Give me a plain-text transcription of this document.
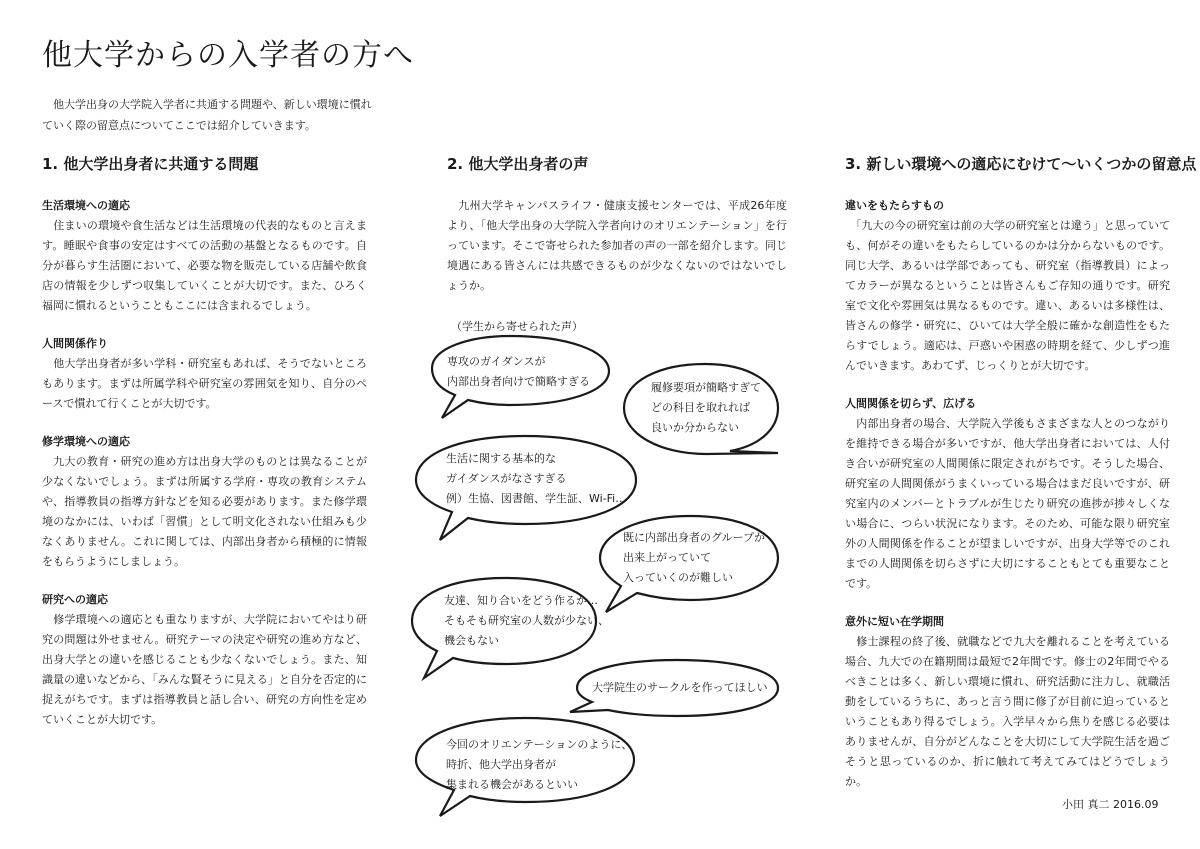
他大学からの入学者の方へ

　他大学出身の大学院入学者に共通する問題や、新しい環境に慣れていく際の留意点についてここでは紹介していきます。

1. 他大学出身者に共通する問題

生活環境への適応

　住まいの環境や食生活などは生活環境の代表的なものと言えます。睡眠や食事の安定はすべての活動の基盤となるものです。自分が暮らす生活圏において、必要な物を販売している店舗や飲食店の情報を少しずつ収集していくことが大切です。また、ひろく福岡に慣れるということもここには含まれるでしょう。

人間関係作り

　他大学出身者が多い学科・研究室もあれば、そうでないところもあります。まずは所属学科や研究室の雰囲気を知り、自分のペースで慣れて行くことが大切です。

修学環境への適応

　九大の教育・研究の進め方は出身大学のものとは異なることが少なくないでしょう。まずは所属する学府・専攻の教育システムや、指導教員の指導方針などを知る必要があります。また修学環境のなかには、いわば「習慣」として明文化されない仕組みも少なくありません。これに関しては、内部出身者から積極的に情報をもらうようにしましょう。

研究への適応

　修学環境への適応とも重なりますが、大学院においてやはり研究の問題は外せません。研究テーマの決定や研究の進め方など、出身大学との違いを感じることも少なくないでしょう。また、知識量の違いなどから、「みんな賢そうに見える」と自分を否定的に捉えがちです。まずは指導教員と話し合い、研究の方向性を定めていくことが大切です。

2. 他大学出身者の声

　九州大学キャンパスライフ・健康支援センターでは、平成26年度より、「他大学出身の大学院入学者向けのオリエンテーション」を行っています。そこで寄せられた参加者の声の一部を紹介します。同じ境遇にある皆さんには共感できるものが少なくないのではないでしょうか。

（学生から寄せられた声）

専攻のガイダンスが
内部出身者向けで簡略すぎる	履修要項が簡略すぎて
どの科目を取れれば
良いか分からない
生活に関する基本的な
ガイダンスがなさすぎる
例）生協、図書館、学生証、Wi-Fi…
既に内部出身者のグループが
出来上がっていて
入っていくのが難しい
友達、知り合いをどう作るか…
そもそも研究室の人数が少ない、
機会もない
大学院生のサークルを作ってほしい
今回のオリエンテーションのように、
時折、他大学出身者が
集まれる機会があるといい
3. 新しい環境への適応にむけて〜いくつかの留意点

違いをもたらすもの

　「九大の今の研究室は前の大学の研究室とは違う」と思っていても、何がその違いをもたらしているのかは分からないものです。同じ大学、あるいは学部であっても、研究室（指導教員）によってカラーが異なるということは皆さんもご存知の通りです。研究室で文化や雰囲気は異なるものです。違い、あるいは多様性は、皆さんの修学・研究に、ひいては大学全般に確かな創造性をもたらすでしょう。適応は、戸惑いや困惑の時期を経て、少しずつ進んでいきます。あわてず、じっくりとが大切です。

人間関係を切らず、広げる

　内部出身者の場合、大学院入学後もさまざまな人とのつながりを維持できる場合が多いですが、他大学出身者においては、人付き合いが研究室の人間関係に限定されがちです。そうした場合、研究室の人間関係がうまくいっている場合はまだ良いですが、研究室内のメンバーとトラブルが生じたり研究の進捗が捗々しくない場合に、つらい状況になります。そのため、可能な限り研究室外の人間関係を作ることが望ましいですが、出身大学等でのこれまでの人間関係を切らさずに大切にすることもとても重要なことです。

意外に短い在学期間

　修士課程の終了後、就職などで九大を離れることを考えている場合、九大での在籍期間は最短で2年間です。修士の2年間でやるべきことは多く、新しい環境に慣れ、研究活動に注力し、就職活動をしているうちに、あっと言う間に修了が目前に迫っているということもあり得るでしょう。入学早々から焦りを感じる必要はありませんが、自分がどんなことを大切にして大学院生活を過ごそうと思っているのか、折に触れて考えてみてはどうでしょうか。

小田 真二 2016.09
